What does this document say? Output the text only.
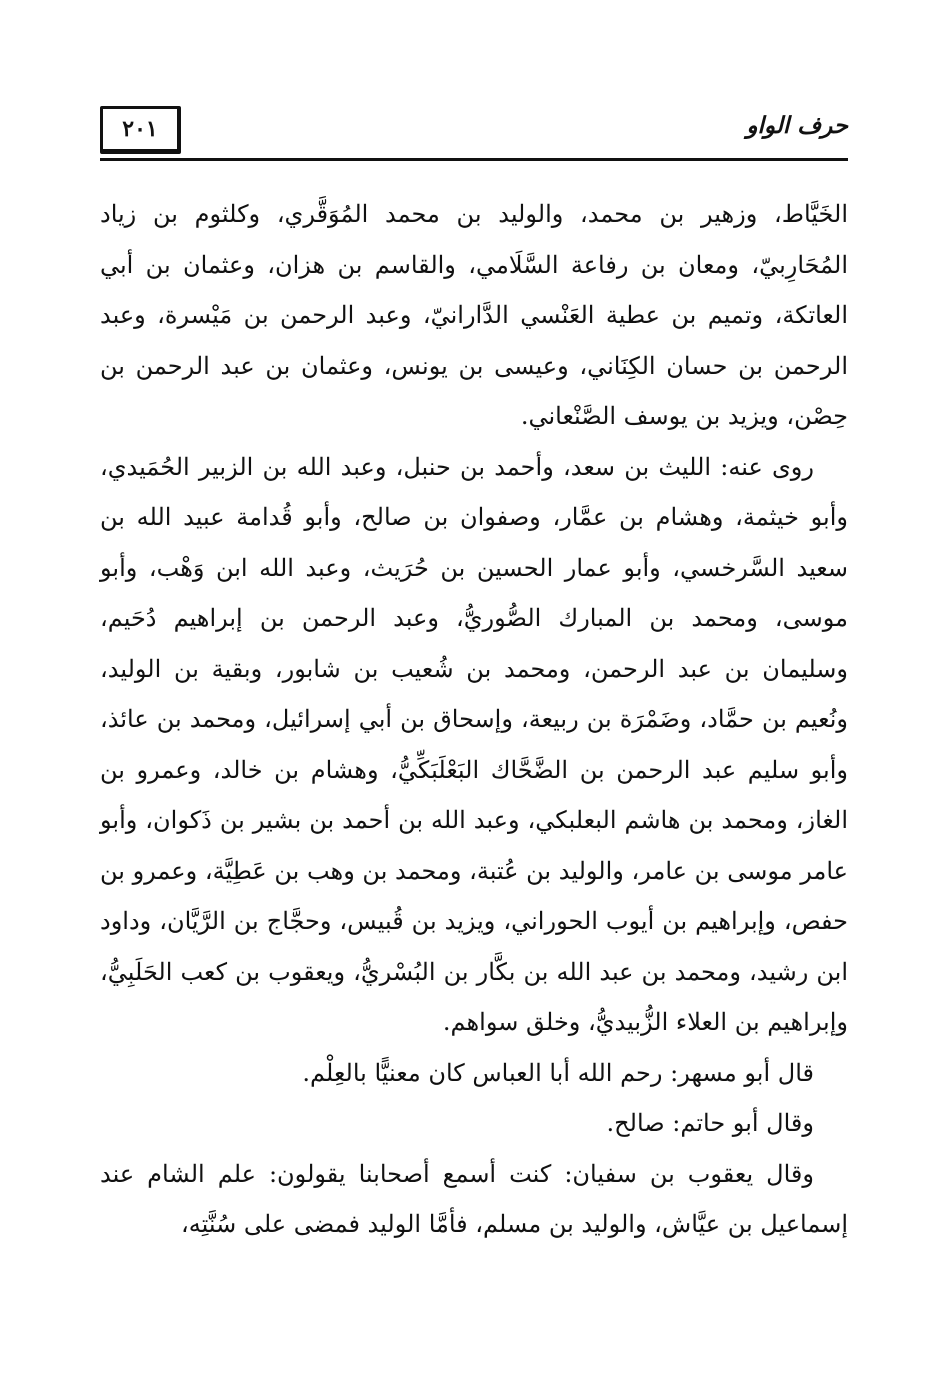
٢٠١	حرف الواو

الخَيَّاط، وزهير بن محمد، والوليد بن محمد المُوَقَّري، وكلثوم بن زياد المُحَارِبيّ، ومعان بن رفاعة السَّلَامي، والقاسم بن هزان، وعثمان بن أبي العاتكة، وتميم بن عطية العَنْسي الدَّارانيّ، وعبد الرحمن بن مَيْسرة، وعبد الرحمن بن حسان الكِنَاني، وعيسى بن يونس، وعثمان بن عبد الرحمن بن حِصْن، ويزيد بن يوسف الصَّنْعاني.

روى عنه: الليث بن سعد، وأحمد بن حنبل، وعبد الله بن الزبير الحُمَيدي، وأبو خيثمة، وهشام بن عمَّار، وصفوان بن صالح، وأبو قُدامة عبيد الله بن سعيد السَّرخسي، وأبو عمار الحسين بن حُرَيث، وعبد الله ابن وَهْب، وأبو موسى، ومحمد بن المبارك الصُّوريُّ، وعبد الرحمن بن إبراهيم دُحَيم، وسليمان بن عبد الرحمن، ومحمد بن شُعيب بن شابور، وبقية بن الوليد، ونُعيم بن حمَّاد، وضَمْرَة بن ربيعة، وإسحاق بن أبي إسرائيل، ومحمد بن عائذ، وأبو سليم عبد الرحمن بن الضَّحَّاك البَعْلَبَكِّيُّ، وهشام بن خالد، وعمرو بن الغاز، ومحمد بن هاشم البعلبكي، وعبد الله بن أحمد بن بشير بن ذَكوان، وأبو عامر موسى بن عامر، والوليد بن عُتبة، ومحمد بن وهب بن عَطِيَّة، وعمرو بن حفص، وإبراهيم بن أيوب الحوراني، ويزيد بن قُبيس، وحجَّاج بن الرَّيَّان، وداود ابن رشيد، ومحمد بن عبد الله بن بكَّار بن البُسْريُّ، ويعقوب بن كعب الحَلَبِيُّ، وإبراهيم بن العلاء الزُّبيديُّ، وخلق سواهم.

قال أبو مسهر: رحم الله أبا العباس كان معنيًّا بالعِلْم.

وقال أبو حاتم: صالح.

وقال يعقوب بن سفيان: كنت أسمع أصحابنا يقولون: علم الشام عند إسماعيل بن عيَّاش، والوليد بن مسلم، فأمَّا الوليد فمضى على سُنَّتِه،
